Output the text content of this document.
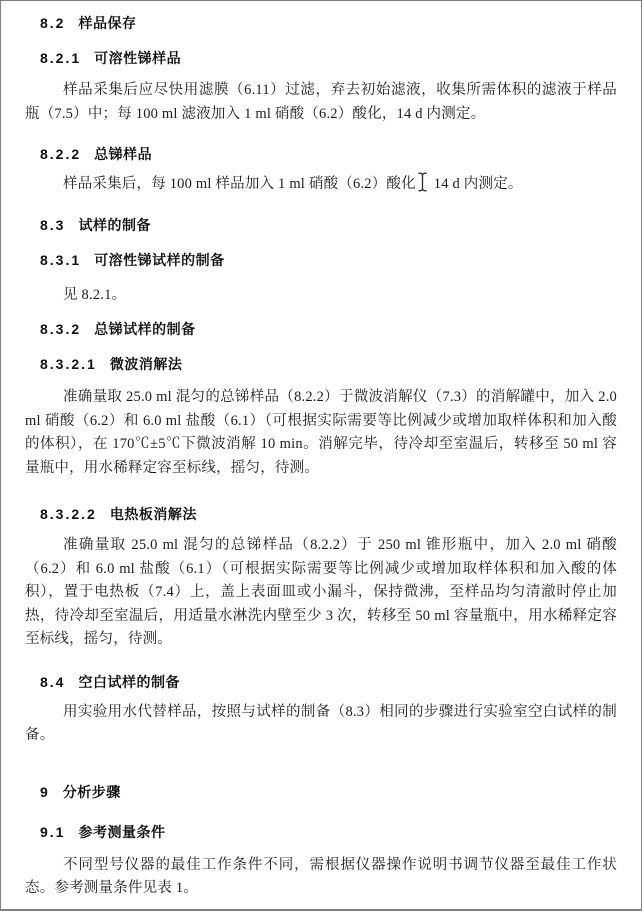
8.2 样品保存
8.2.1 可溶性锑样品

样品采集后应尽快用滤膜（6.11）过滤，弃去初始滤液，收集所需体积的滤液于样品瓶（7.5）中；每 100 ml 滤液加入 1 ml 硝酸（6.2）酸化，14 d 内测定。

8.2.2 总锑样品

样品采集后，每 100 ml 样品加入 1 ml 硝酸（6.2）酸化 14 d 内测定。

8.3 试样的制备
8.3.1 可溶性锑试样的制备

见 8.2.1。

8.3.2 总锑试样的制备
8.3.2.1 微波消解法

准确量取 25.0 ml 混匀的总锑样品（8.2.2）于微波消解仪（7.3）的消解罐中，加入 2.0 ml 硝酸（6.2）和 6.0 ml 盐酸（6.1）（可根据实际需要等比例减少或增加取样体积和加入酸的体积），在 170℃±5℃下微波消解 10 min。消解完毕，待冷却至室温后，转移至 50 ml 容量瓶中，用水稀释定容至标线，摇匀，待测。

8.3.2.2 电热板消解法

准确量取 25.0 ml 混匀的总锑样品（8.2.2）于 250 ml 锥形瓶中，加入 2.0 ml 硝酸（6.2）和 6.0 ml 盐酸（6.1）（可根据实际需要等比例减少或增加取样体积和加入酸的体积），置于电热板（7.4）上，盖上表面皿或小漏斗，保持微沸，至样品均匀清澈时停止加热，待冷却至室温后，用适量水淋洗内壁至少 3 次，转移至 50 ml 容量瓶中，用水稀释定容至标线，摇匀，待测。

8.4 空白试样的制备

用实验用水代替样品，按照与试样的制备（8.3）相同的步骤进行实验室空白试样的制备。

9 分析步骤
9.1 参考测量条件

不同型号仪器的最佳工作条件不同，需根据仪器操作说明书调节仪器至最佳工作状态。参考测量条件见表 1。
